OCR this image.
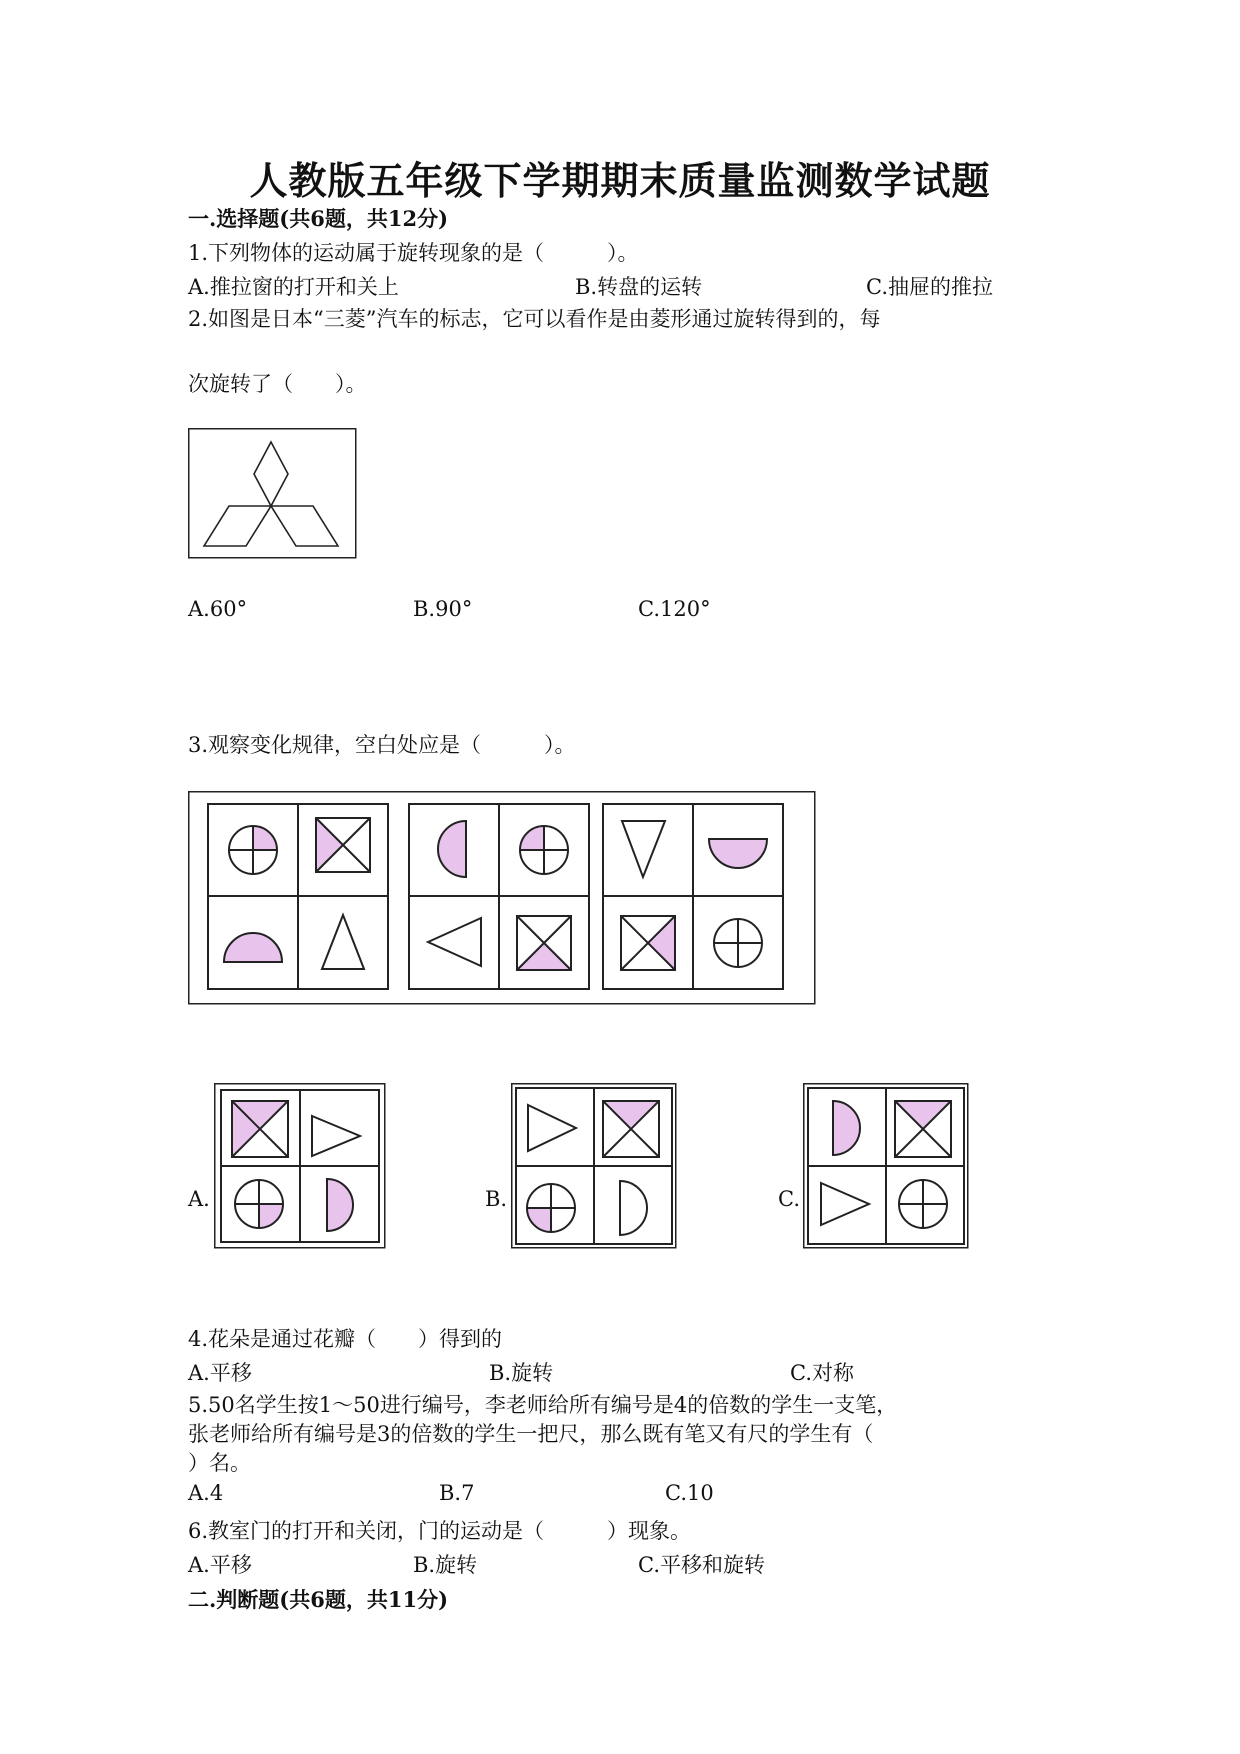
人教版五年级下学期期末质量监测数学试题
一.选择题(共6题，共12分)
1.下列物体的运动属于旋转现象的是（　　　）。
A.推拉窗的打开和关上	B.转盘的运转	C.抽屉的推拉
2.如图是日本“三菱”汽车的标志，它可以看作是由菱形通过旋转得到的，每
次旋转了（　　）。
A.60°	B.90°	C.120°
3.观察变化规律，空白处应是（　　　）。
A.	B.	C.
4.花朵是通过花瓣（　　）得到的
A.平移	B.旋转	C.对称
5.50名学生按1～50进行编号，李老师给所有编号是4的倍数的学生一支笔，
张老师给所有编号是3的倍数的学生一把尺，那么既有笔又有尺的学生有（
）名。
A.4	B.7	C.10
6.教室门的打开和关闭，门的运动是（　　　）现象。
A.平移	B.旋转	C.平移和旋转
二.判断题(共6题，共11分)
